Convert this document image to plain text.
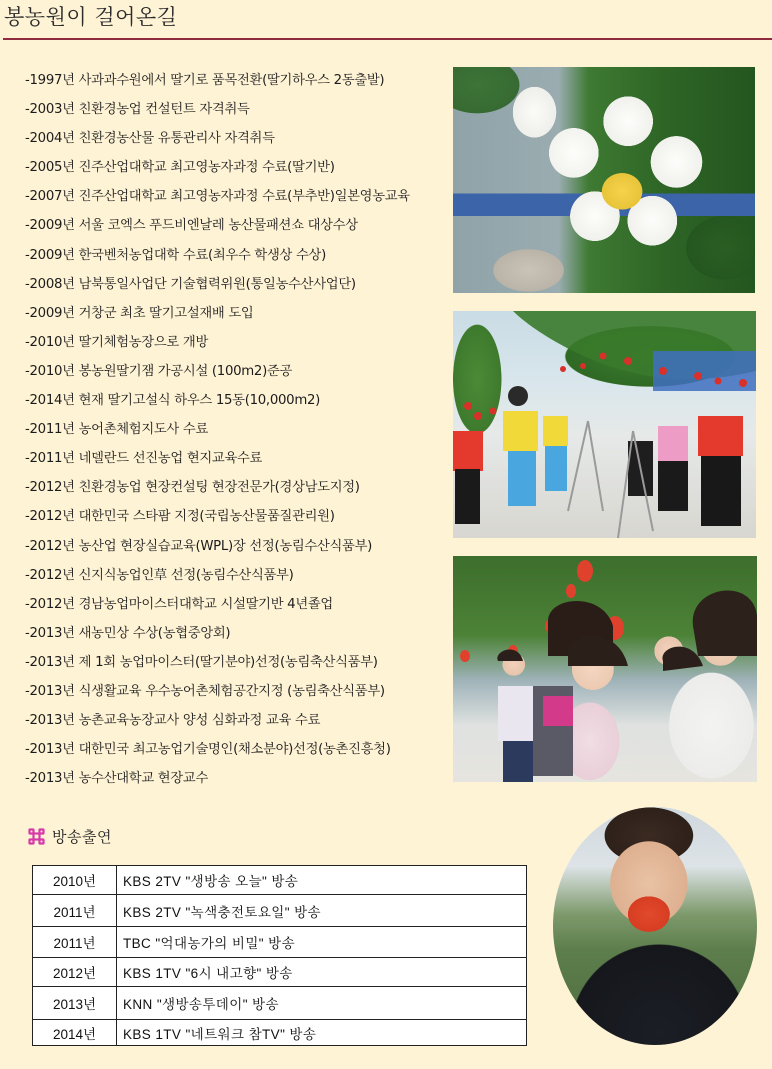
봉농원이 걸어온길
-1997년 사과과수원에서 딸기로 품목전환(딸기하우스 2동출발)
-2003년 친환경농업 컨설턴트 자격취득
-2004년 친환경농산물 유통관리사 자격취득
-2005년 진주산업대학교 최고영농자과정 수료(딸기반)
-2007년 진주산업대학교 최고영농자과정 수료(부추반)일본영농교육
-2009년 서울 코엑스 푸드비엔날레 농산물패션쇼 대상수상
-2009년 한국벤처농업대학 수료(최우수 학생상 수상)
-2008년 남북통일사업단 기술협력위원(통일농수산사업단)
-2009년 거창군 최초 딸기고설재배 도입
-2010년 딸기체험농장으로 개방
-2010년 봉농원딸기잼 가공시설 (100m2)준공
-2014년 현재 딸기고설식 하우스 15동(10,000m2)
-2011년 농어촌체험지도사 수료
-2011년 네델란드 선진농업 현지교육수료
-2012년 친환경농업 현장컨설팅 현장전문가(경상남도지정)
-2012년 대한민국 스타팜 지정(국립농산물품질관리원)
-2012년 농산업 현장실습교육(WPL)장 선정(농림수산식품부)
-2012년 신지식농업인草 선정(농림수산식품부)
-2012년 경남농업마이스터대학교 시설딸기반 4년졸업
-2013년 새농민상 수상(농협중앙회)
-2013년 제 1회 농업마이스터(딸기분야)선정(농림축산식품부)
-2013년 식생활교육 우수농어촌체험공간지정 (농림축산식품부)
-2013년 농촌교육농장교사 양성 심화과정 교육 수료
-2013년 대한민국 최고농업기술명인(채소분야)선정(농촌진흥청)
-2013년 농수산대학교 현장교수
방송출연
2010년	KBS 2TV "생방송 오늘" 방송
2011년	KBS 2TV "녹색충전토요일" 방송
2011년	TBC "억대농가의 비밀" 방송
2012년	KBS 1TV "6시 내고향" 방송
2013년	KNN "생방송투데이" 방송
2014년	KBS 1TV "네트워크 참TV" 방송
